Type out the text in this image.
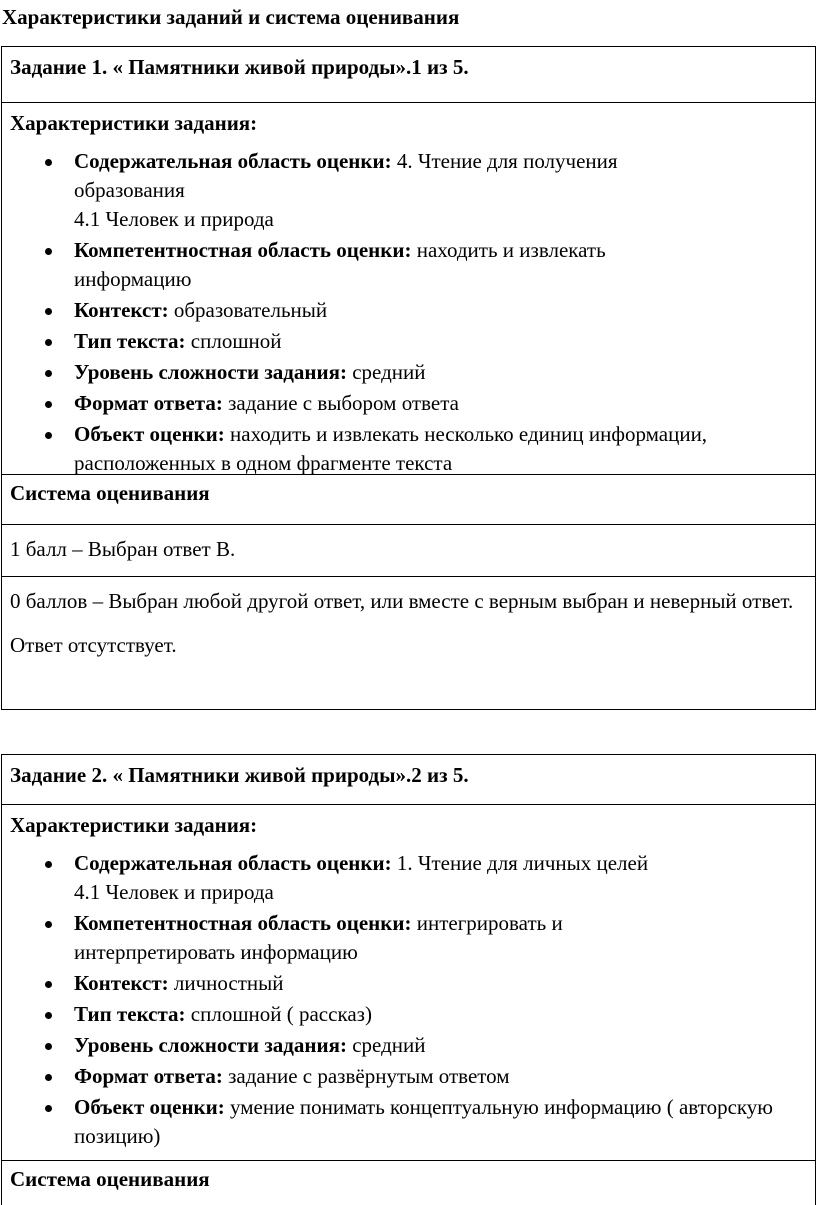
Характеристики заданий и система оценивания
Задание 1. « Памятники живой природы».1 из 5.
Характеристики задания:
Содержательная область оценки: 4. Чтение для получения образования
4.1 Человек и природа
Компетентностная область оценки: находить и извлекать информацию
Контекст: образовательный
Тип текста: сплошной
Уровень сложности задания: средний
Формат ответа: задание с выбором ответа
Объект оценки: находить и извлекать несколько единиц информации, расположенных в одном фрагменте текста
Система оценивания

1 балл – Выбран ответ В.

0 баллов – Выбран любой другой ответ, или вместе с верным выбран и неверный ответ.

Ответ отсутствует.

Задание 2. « Памятники живой природы».2 из 5.
Характеристики задания:
Содержательная область оценки: 1. Чтение для личных целей
4.1 Человек и природа
Компетентностная область оценки: интегрировать и интерпретировать информацию
Контекст: личностный
Тип текста: сплошной ( рассказ)
Уровень сложности задания: средний
Формат ответа: задание с развёрнутым ответом
Объект оценки: умение понимать концептуальную информацию ( авторскую позицию)
Система оценивания
